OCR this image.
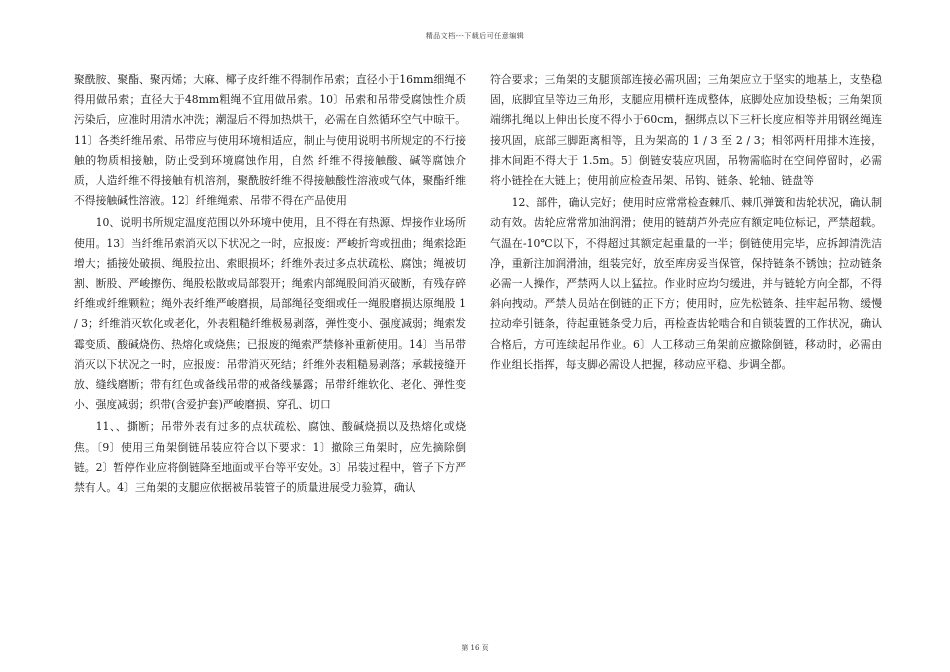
精品文档---下载后可任意编辑

聚酰胺、聚酯、聚丙烯；大麻、椰子皮纤维不得制作吊索；直径小于16mm细绳不得用做吊索；直径大于48mm粗绳不宜用做吊索。10〕吊索和吊带受腐蚀性介质污染后，应准时用清水冲洗；潮湿后不得加热烘干，必需在自然循环空气中晾干。11〕各类纤维吊索、吊带应与使用环境相适应，制止与使用说明书所规定的不行接触的物质相接触，防止受到环境腐蚀作用，自然 纤维不得接触酸、碱等腐蚀介质，人造纤维不得接触有机溶剂，聚酰胺纤维不得接触酸性溶液或气体，聚酯纤维不得接触碱性溶液。12〕纤维绳索、吊带不得在产品使用

10、说明书所规定温度范围以外环境中使用，且不得在有热源、焊接作业场所使用。13〕当纤维吊索消灭以下状况之一时，应报废：严峻折弯或扭曲；绳索捻距增大；插接处破损、绳股拉出、索眼损坏；纤维外表过多点状疏松、腐蚀；绳被切割、断股、严峻擦伤、绳股松散或局部裂开；绳索内部绳股间消灭破断，有残存碎纤维或纤维颗粒；绳外表纤维严峻磨损，局部绳径变细或任一绳股磨损达原绳股 1 / 3；纤维消灭软化或老化，外表粗糙纤维极易剥落，弹性变小、强度减弱；绳索发霉变质、酸碱烧伤、热熔化或烧焦；已报废的绳索严禁修补重新使用。14〕当吊带消灭以下状况之一时，应报废：吊带消灭死结；纤维外表粗糙易剥落；承载接缝开放、缝线磨断；带有红色或备线吊带的戒备线暴露；吊带纤维软化、老化、弹性变小、强度减弱；织带(含爱护套)严峻磨损、穿孔、切口

11、、撕断；吊带外表有过多的点状疏松、腐蚀、酸碱烧损以及热熔化或烧焦。〔9〕使用三角架倒链吊装应符合以下要求：1〕撤除三角架时，应先摘除倒链。2〕暂停作业应将倒链降至地面或平台等平安处。3〕吊装过程中，管子下方严禁有人。4〕三角架的支腿应依据被吊装管子的质量进展受力验算，确认

符合要求；三角架的支腿顶部连接必需巩固；三角架应立于坚实的地基上，支垫稳固，底脚宜呈等边三角形，支腿应用横杆连成整体，底脚处应加设垫板；三角架顶端绑扎绳以上伸出长度不得小于60cm，捆绑点以下三杆长度应相等并用钢丝绳连接巩固，底部三脚距离相等，且为架高的 1 / 3 至 2 / 3；相邻两杆用排木连接，排木间距不得大于 1.5m。5〕倒链安装应巩固，吊物需临时在空间停留时，必需将小链拴在大链上；使用前应检查吊架、吊钩、链条、轮轴、链盘等

12、部件，确认完好；使用时应常常检查棘爪、棘爪弹簧和齿轮状况，确认制动有效。齿轮应常常加油润滑；使用的链葫芦外壳应有额定吨位标记，严禁超载。气温在-10℃以下，不得超过其额定起重量的一半；倒链使用完毕，应拆卸清洗洁净，重新注加润滑油，组装完好，放至库房妥当保管，保持链条不锈蚀；拉动链条必需一人操作，严禁两人以上猛拉。作业时应均匀缓进，并与链轮方向全都，不得斜向拽动。严禁人员站在倒链的正下方；使用时，应先松链条、挂牢起吊物、缓慢拉动牵引链条，待起重链条受力后，再检查齿轮啮合和自锁装置的工作状况，确认合格后，方可连续起吊作业。6〕人工移动三角架前应撤除倒链，移动时，必需由作业组长指挥，每支脚必需设人把握，移动应平稳、步调全都。

第 16 页
